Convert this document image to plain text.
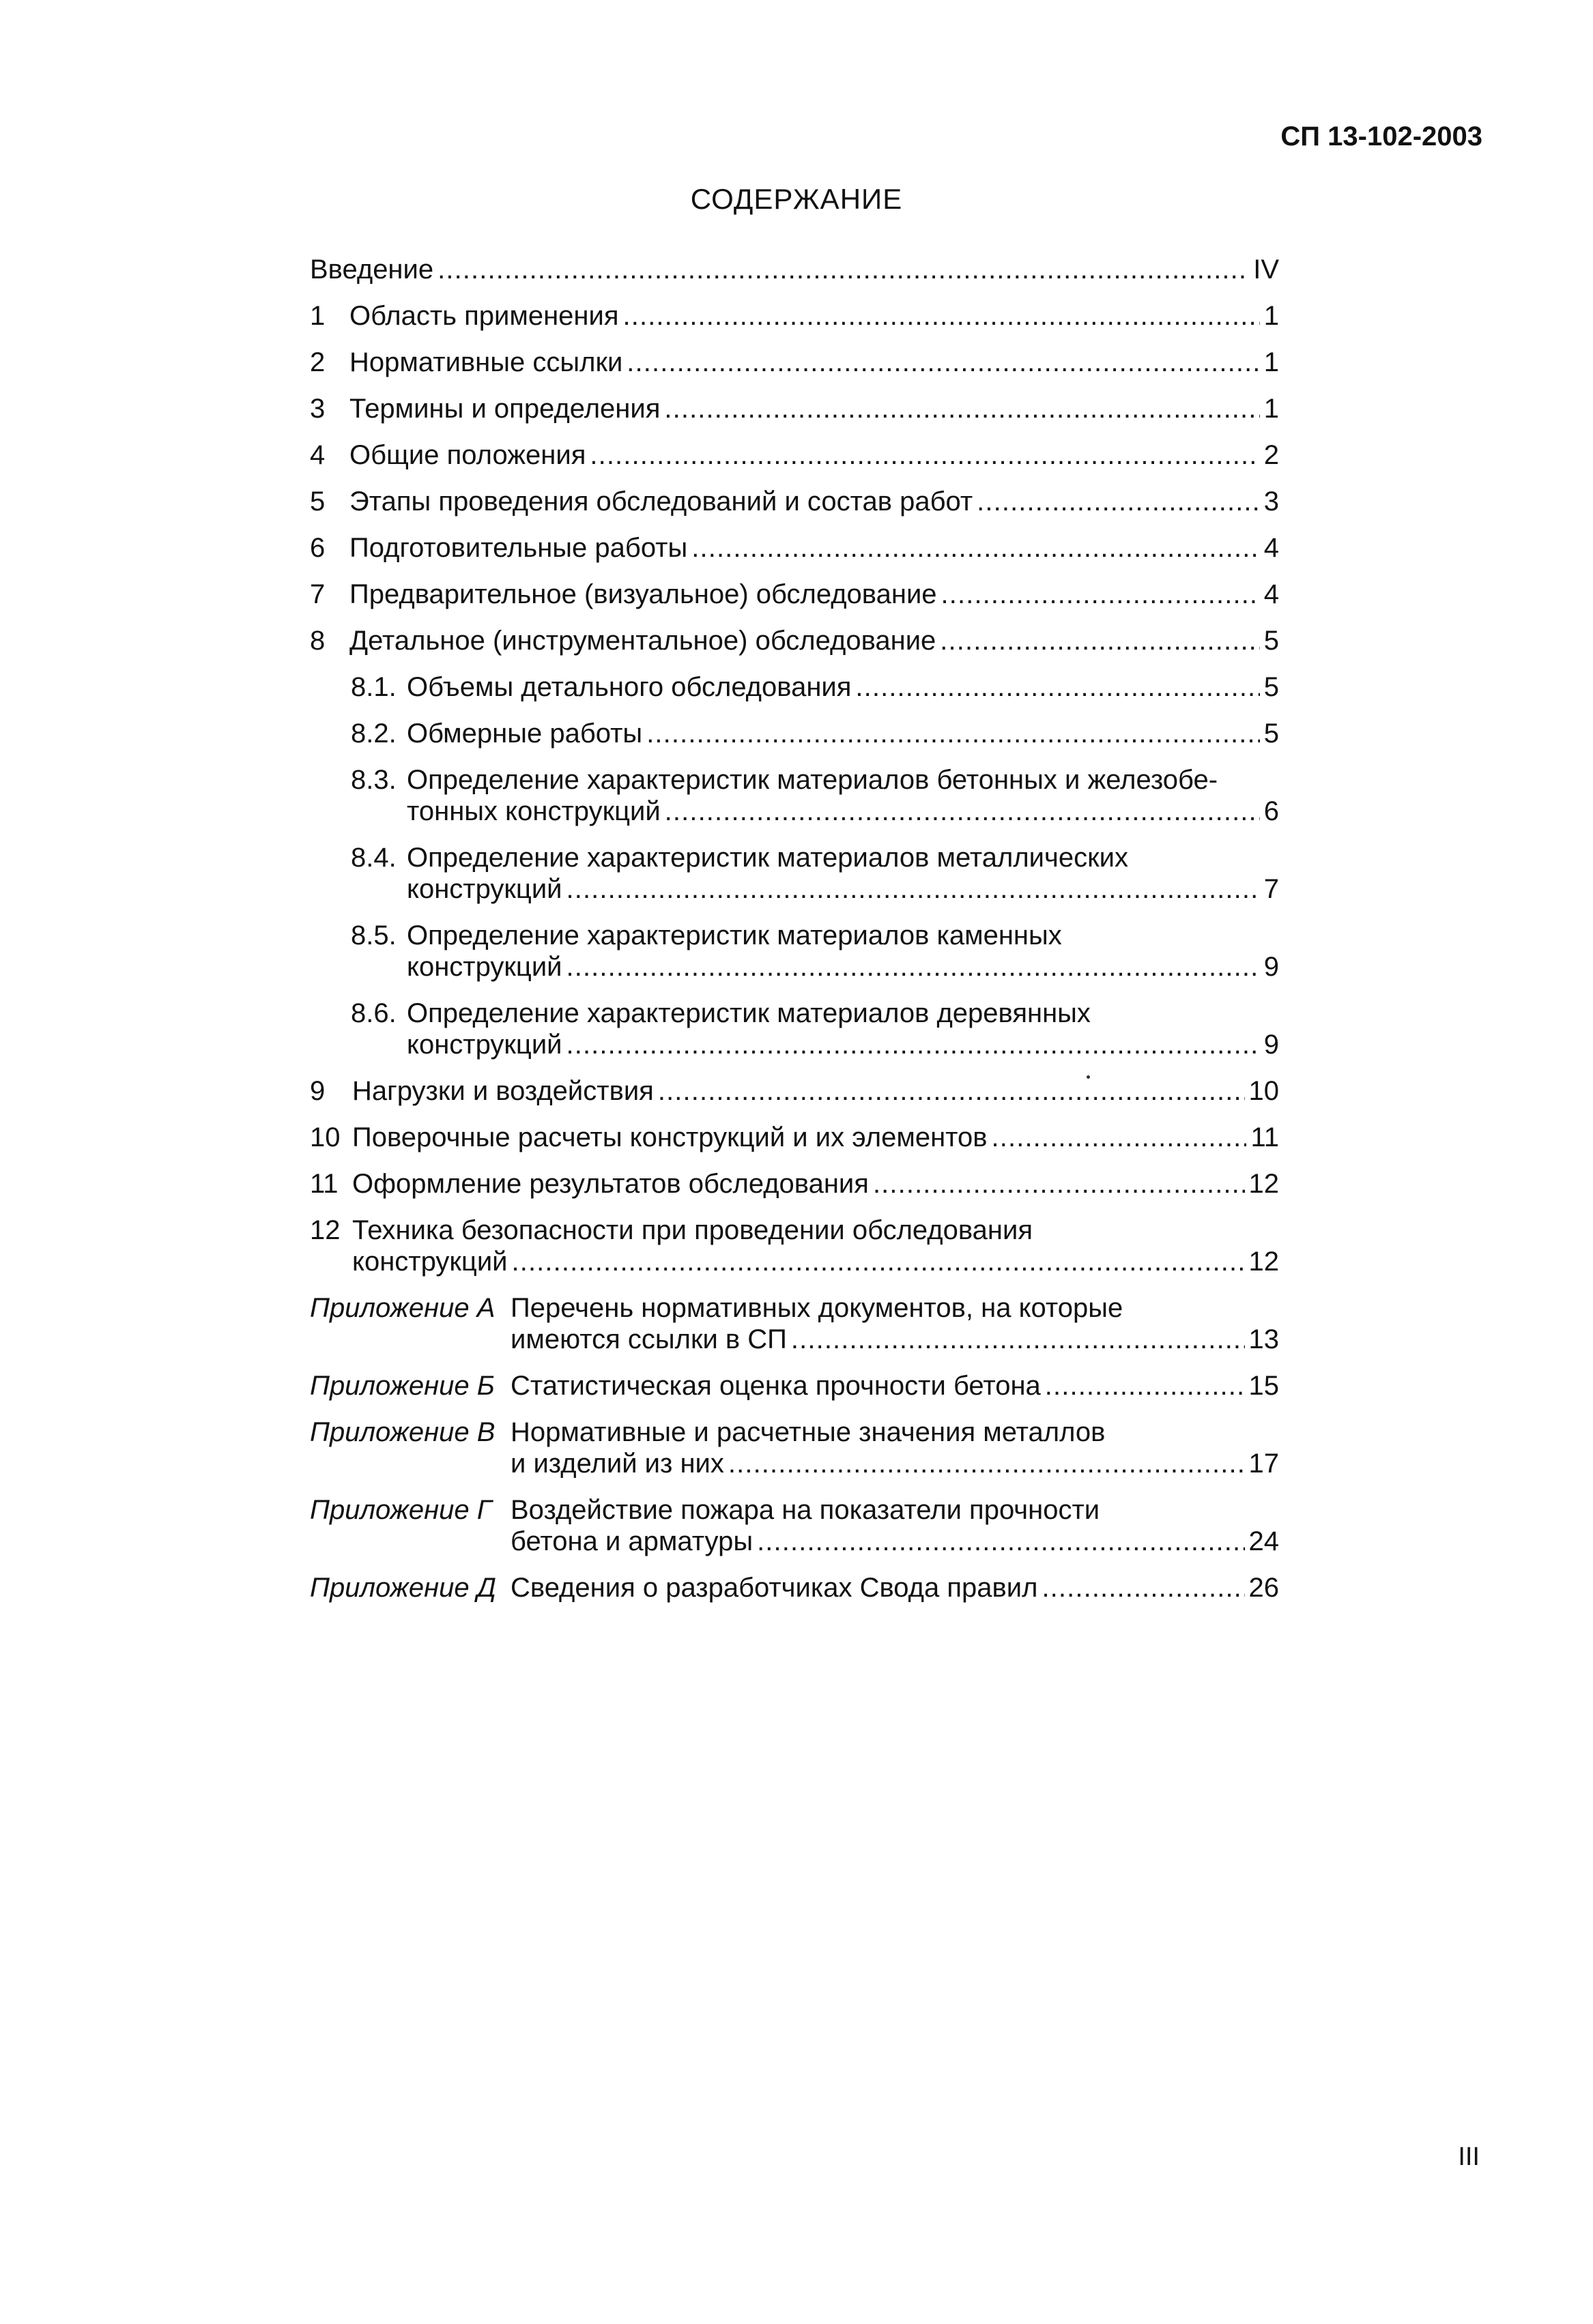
СП 13-102-2003
СОДЕРЖАНИЕ
Введение . . .	IV
1 Область применения . . .	1
2 Нормативные ссылки . . .	1
3 Термины и определения . . .	1
4 Общие положения . . .	2
5 Этапы проведения обследований и состав работ . . .	3
6 Подготовительные работы . . .	4
7 Предварительное (визуальное) обследование . . .	4
8 Детальное (инструментальное) обследование . . .	5
8.1. Объемы детального обследования . . .	5
8.2. Обмерные работы . . .	5
8.3. Определение характеристик материалов бетонных и железобе-
тонных конструкций . . .	6
8.4. Определение характеристик материалов металлических
конструкций . . .	7
8.5. Определение характеристик материалов каменных
конструкций . . .	9
8.6. Определение характеристик материалов деревянных
конструкций . . .	9
9 Нагрузки и воздействия . . .	10
10 Поверочные расчеты конструкций и их элементов . . .	11
11 Оформление результатов обследования . . .	12
12 Техника безопасности при проведении обследования
конструкций . . .	12
Приложение А Перечень нормативных документов, на которые
имеются ссылки в СП . . .	13
Приложение Б Статистическая оценка прочности бетона . . .	15
Приложение В Нормативные и расчетные значения металлов
и изделий из них . . .	17
Приложение Г Воздействие пожара на показатели прочности
бетона и арматуры . . .	24
Приложение Д Сведения о разработчиках Свода правил . . .	26
III
